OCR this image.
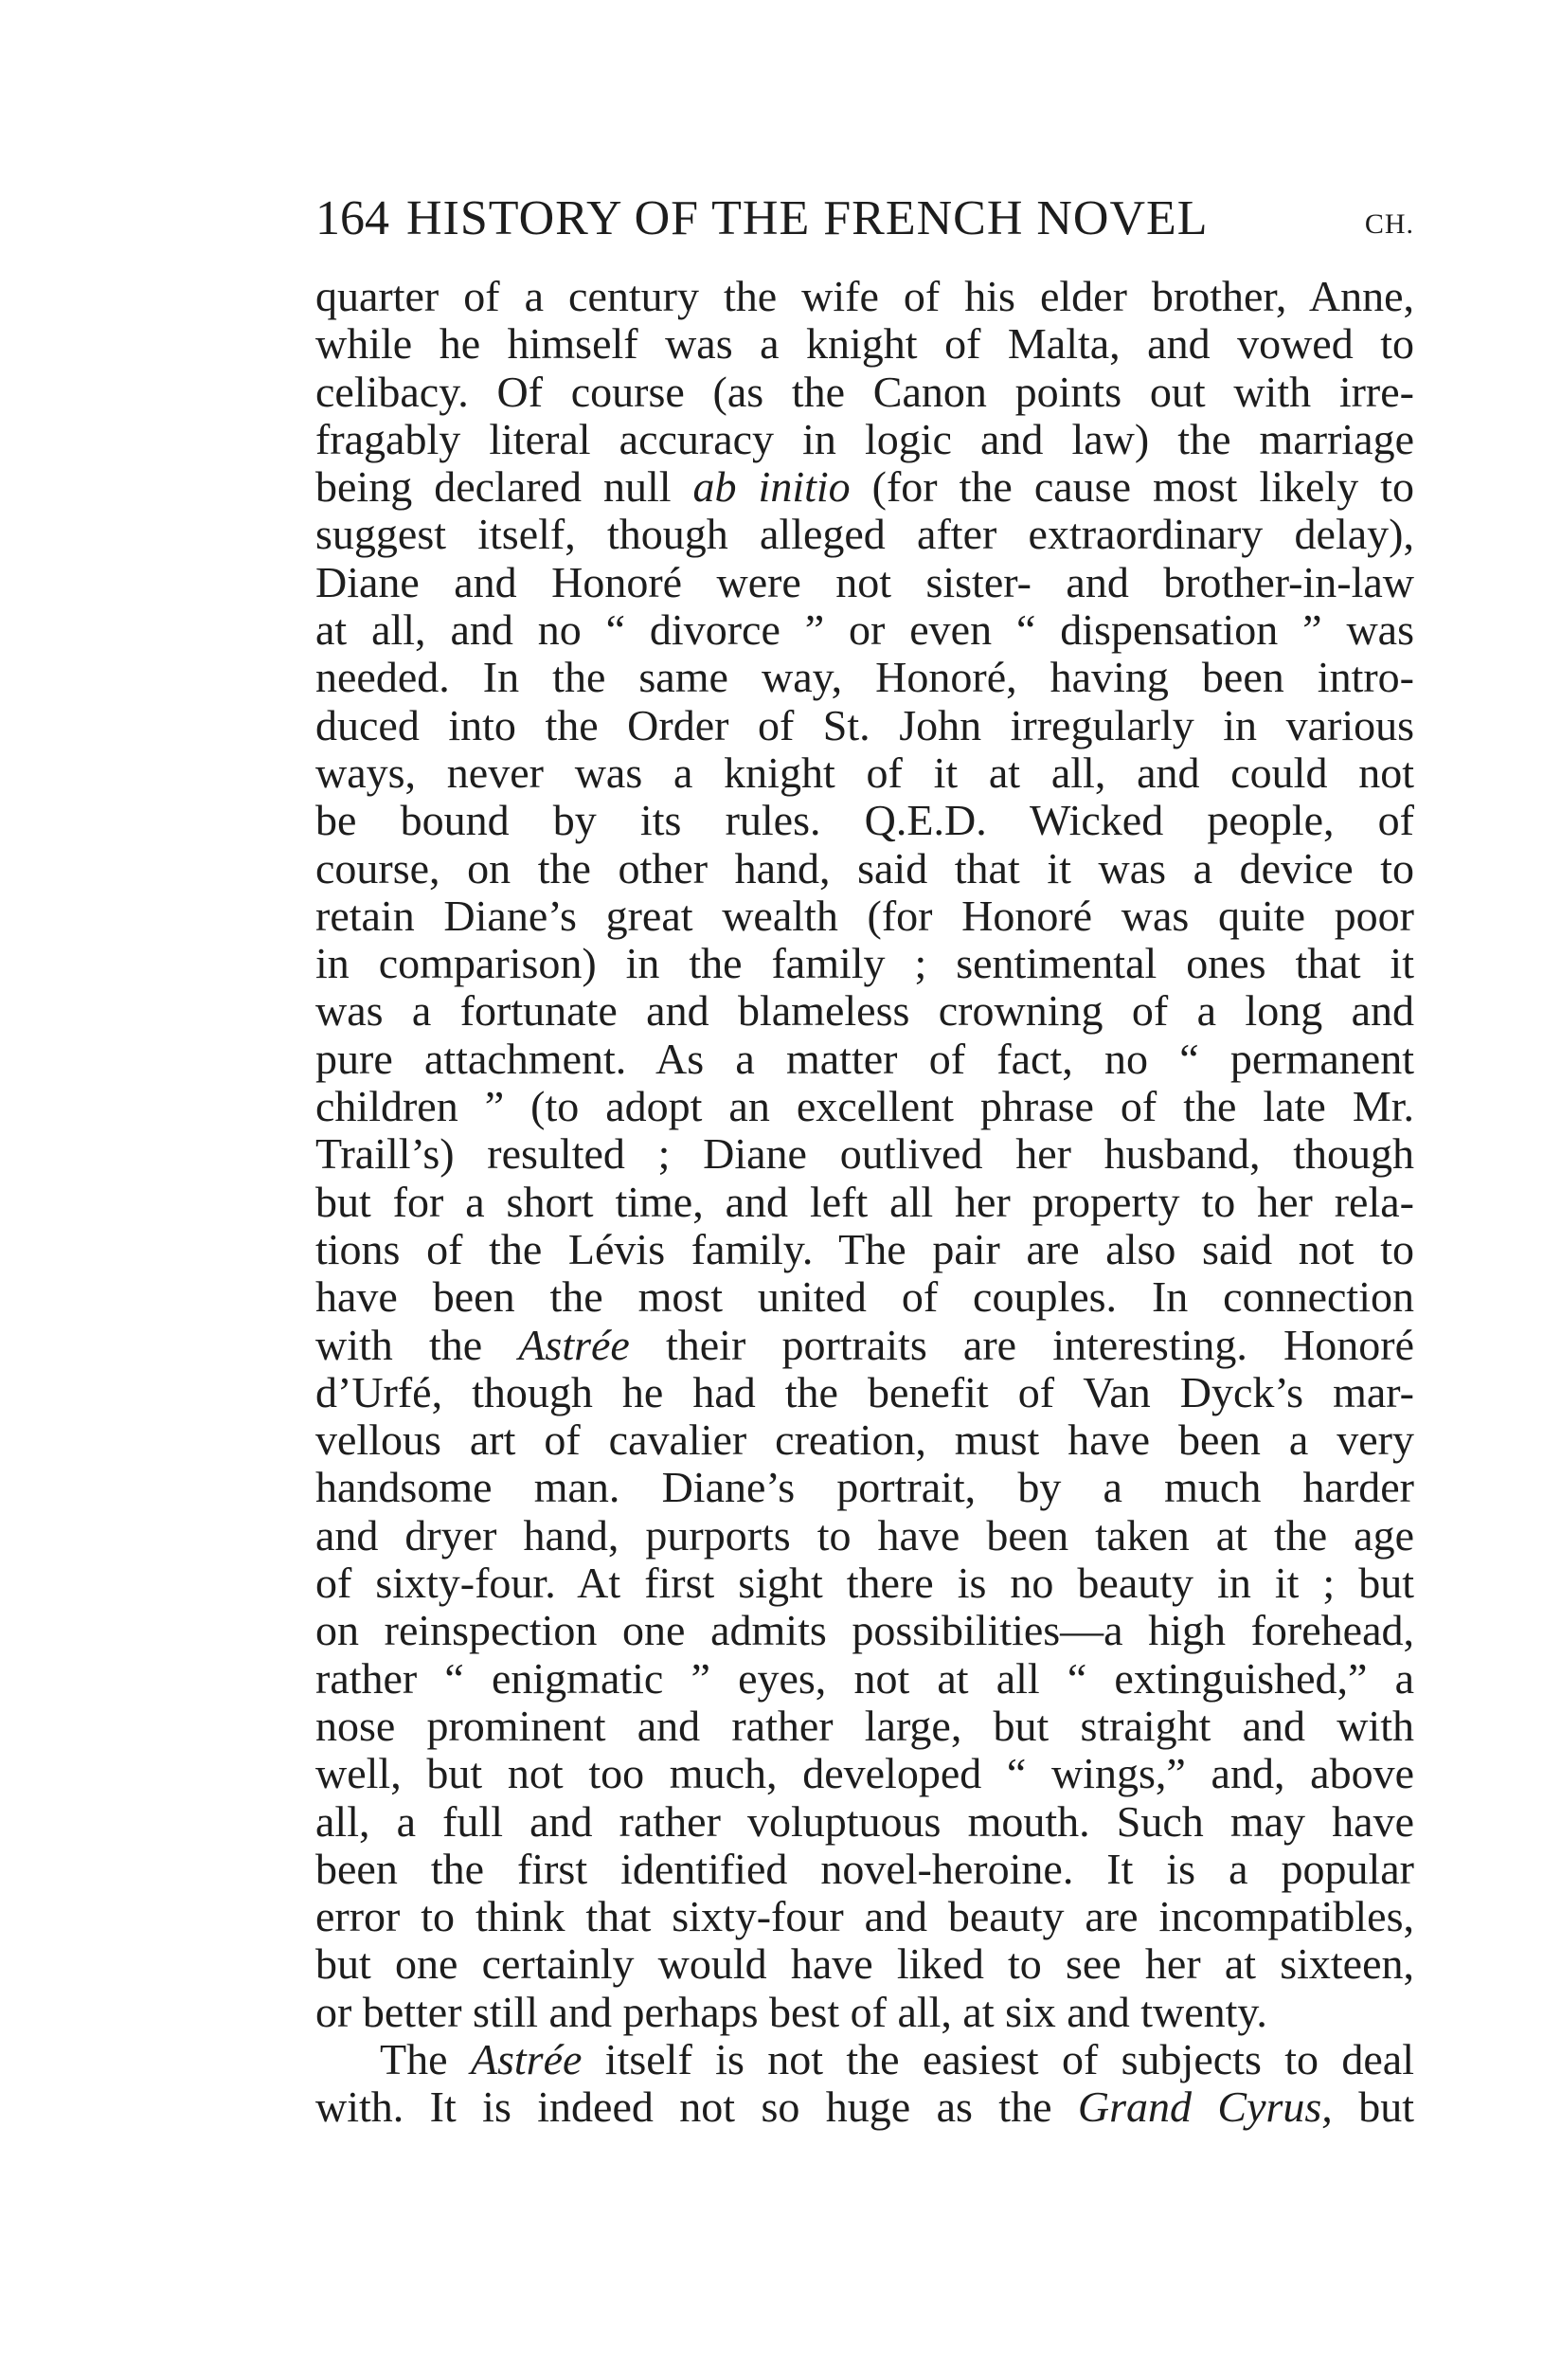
164 HISTORY OF THE FRENCH NOVEL	CH.
quarter of a century the wife of his elder brother, Anne,
while he himself was a knight of Malta, and vowed to
celibacy. Of course (as the Canon points out with irre-
fragably literal accuracy in logic and law) the marriage
being declared null ab initio (for the cause most likely to
suggest itself, though alleged after extraordinary delay),
Diane and Honoré were not sister- and brother-in-law
at all, and no “ divorce ” or even “ dispensation ” was
needed. In the same way, Honoré, having been intro-
duced into the Order of St. John irregularly in various
ways, never was a knight of it at all, and could not
be bound by its rules. Q.E.D. Wicked people, of
course, on the other hand, said that it was a device to
retain Diane’s great wealth (for Honoré was quite poor
in comparison) in the family ; sentimental ones that it
was a fortunate and blameless crowning of a long and
pure attachment. As a matter of fact, no “ permanent
children ” (to adopt an excellent phrase of the late Mr.
Traill’s) resulted ; Diane outlived her husband, though
but for a short time, and left all her property to her rela-
tions of the Lévis family. The pair are also said not to
have been the most united of couples. In connection
with the Astrée their portraits are interesting. Honoré
d’Urfé, though he had the benefit of Van Dyck’s mar-
vellous art of cavalier creation, must have been a very
handsome man. Diane’s portrait, by a much harder
and dryer hand, purports to have been taken at the age
of sixty-four. At first sight there is no beauty in it ; but
on reinspection one admits possibilities—a high forehead,
rather “ enigmatic ” eyes, not at all “ extinguished,” a
nose prominent and rather large, but straight and with
well, but not too much, developed “ wings,” and, above
all, a full and rather voluptuous mouth. Such may have
been the first identified novel-heroine. It is a popular
error to think that sixty-four and beauty are incompatibles,
but one certainly would have liked to see her at sixteen,
or better still and perhaps best of all, at six and twenty.
The Astrée itself is not the easiest of subjects to deal
with. It is indeed not so huge as the Grand Cyrus, but
